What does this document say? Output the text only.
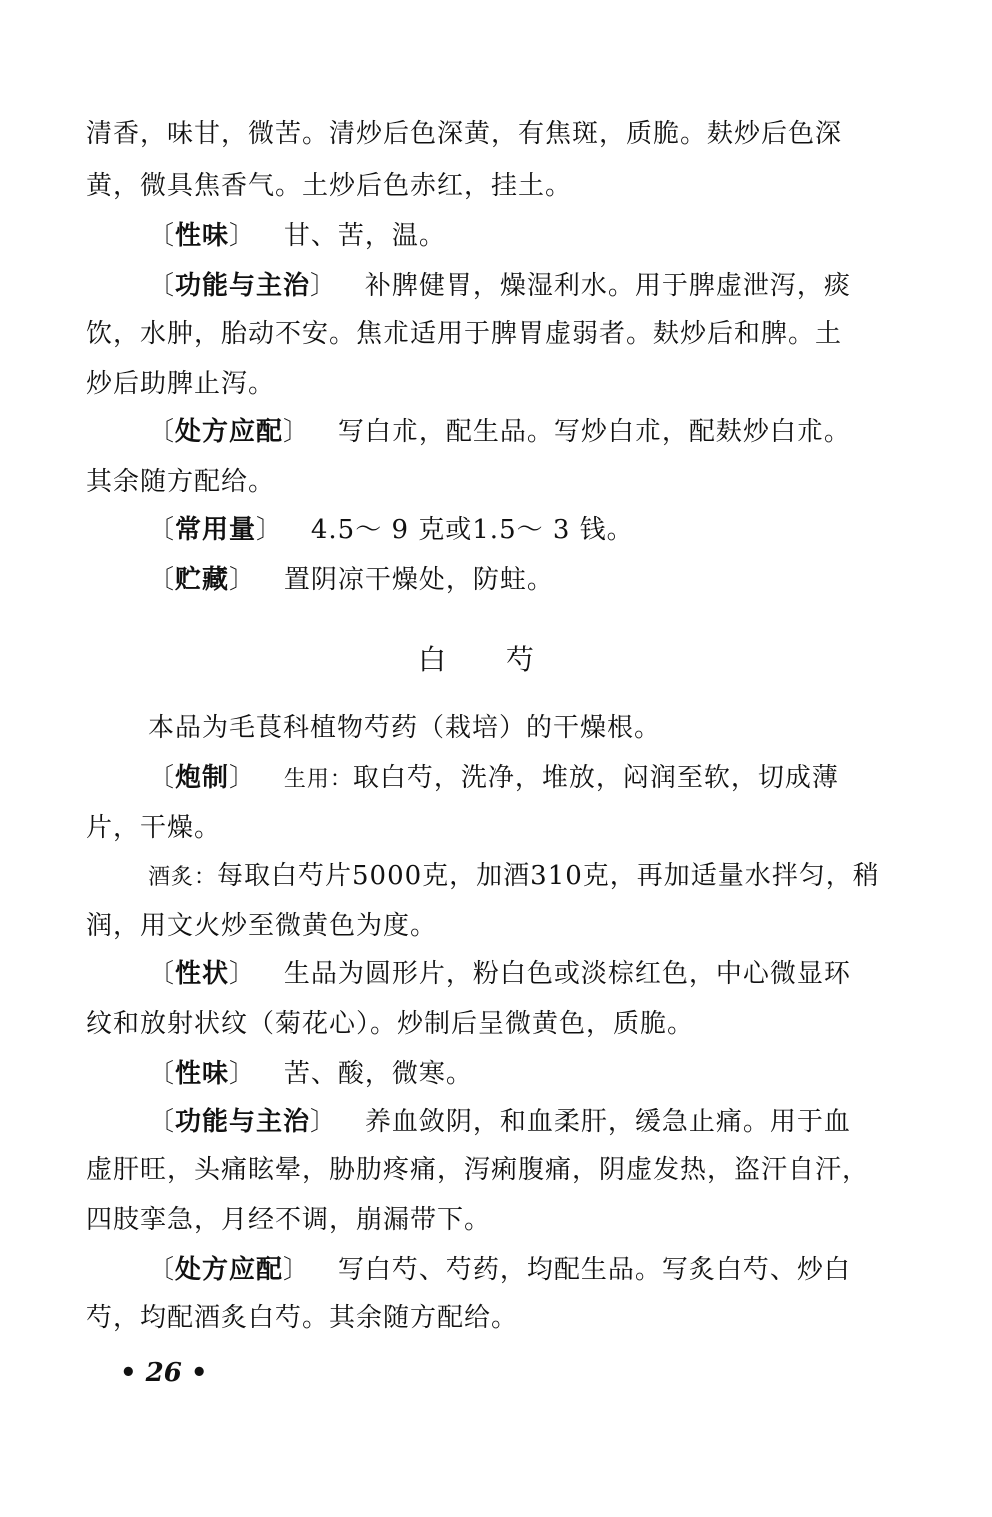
清香，味甘，微苦。清炒后色深黄，有焦斑，质脆。麸炒后色深
黄，微具焦香气。土炒后色赤红，挂土。
〔性味〕 甘、苦，温。
〔功能与主治〕 补脾健胃，燥湿利水。用于脾虚泄泻，痰
饮，水肿，胎动不安。焦朮适用于脾胃虚弱者。麸炒后和脾。土
炒后助脾止泻。
〔处方应配〕 写白朮，配生品。写炒白朮，配麸炒白朮。
其余随方配给。
〔常用量〕 4.5～ 9 克或1.5～ 3 钱。
〔贮藏〕 置阴凉干燥处，防蛀。
白芍
本品为毛茛科植物芍药（栽培）的干燥根。
〔炮制〕 生用：取白芍，洗净，堆放，闷润至软，切成薄
片，干燥。
酒炙：每取白芍片5000克，加酒310克，再加适量水拌匀，稍
润，用文火炒至微黄色为度。
〔性状〕 生品为圆形片，粉白色或淡棕红色，中心微显环
纹和放射状纹（菊花心）。炒制后呈微黄色，质脆。
〔性味〕 苦、酸，微寒。
〔功能与主治〕 养血敛阴，和血柔肝，缓急止痛。用于血
虚肝旺，头痛眩晕，胁肋疼痛，泻痢腹痛，阴虚发热，盗汗自汗，
四肢挛急，月经不调，崩漏带下。
〔处方应配〕 写白芍、芍药，均配生品。写炙白芍、炒白
芍，均配酒炙白芍。其余随方配给。
• 26 •
